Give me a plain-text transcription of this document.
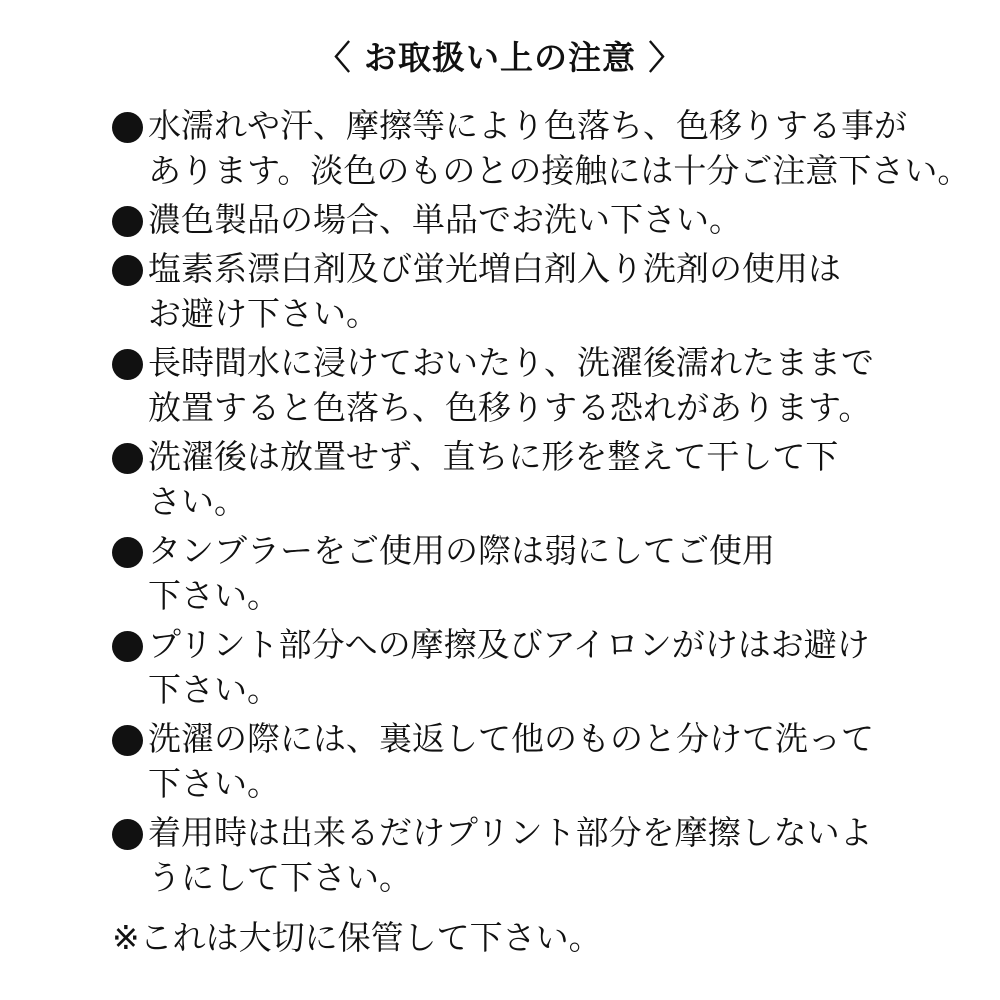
〈 お取扱い上の注意 〉
水濡れや汗、摩擦等により色落ち、色移りする事が
あります。淡色のものとの接触には十分ご注意下さい。
濃色製品の場合、単品でお洗い下さい。
塩素系漂白剤及び蛍光増白剤入り洗剤の使用は
お避け下さい。
長時間水に浸けておいたり、洗濯後濡れたままで
放置すると色落ち、色移りする恐れがあります。
洗濯後は放置せず、直ちに形を整えて干して下
さい。
タンブラーをご使用の際は弱にしてご使用
下さい。
プリント部分への摩擦及びアイロンがけはお避け
下さい。
洗濯の際には、裏返して他のものと分けて洗って
下さい。
着用時は出来るだけプリント部分を摩擦しないよ
うにして下さい。
※これは大切に保管して下さい。
